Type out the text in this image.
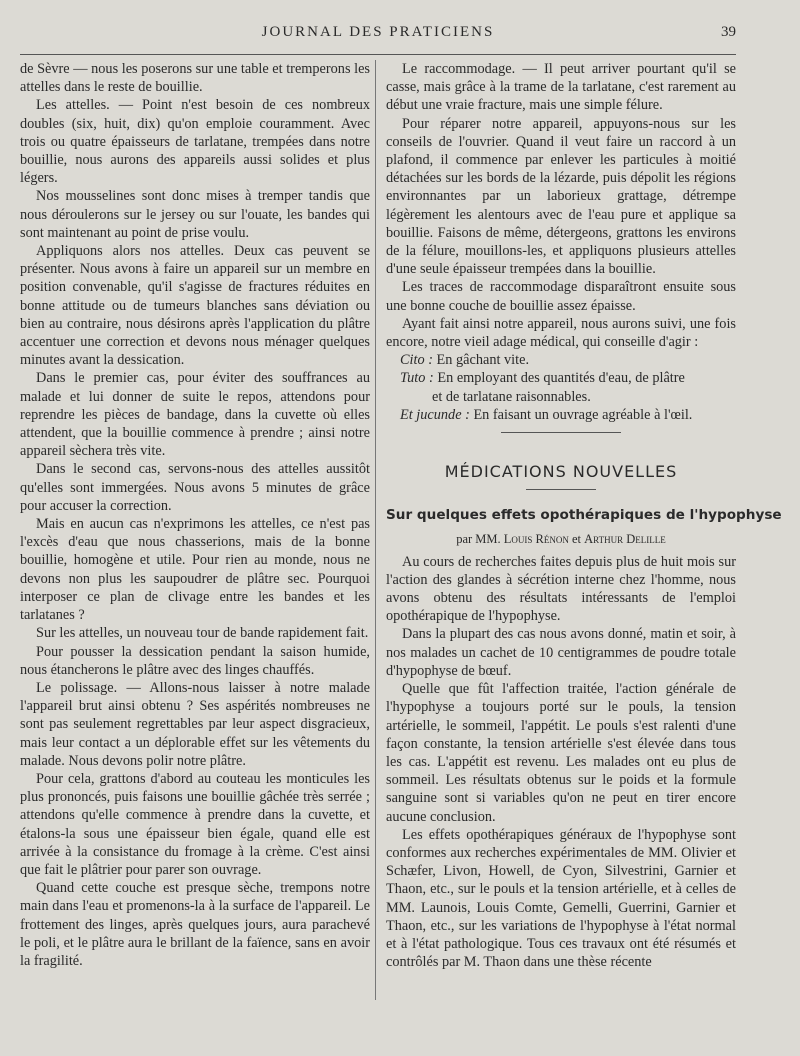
JOURNAL DES PRATICIENS	39

de Sèvre — nous les poserons sur une table et tremperons les attelles dans le reste de bouillie.

Les attelles. — Point n'est besoin de ces nombreux doubles (six, huit, dix) qu'on emploie couramment. Avec trois ou quatre épaisseurs de tarlatane, trempées dans notre bouillie, nous aurons des appareils aussi solides et plus légers.

Nos mousselines sont donc mises à tremper tandis que nous déroulerons sur le jersey ou sur l'ouate, les bandes qui sont maintenant au point de prise voulu.

Appliquons alors nos attelles. Deux cas peuvent se présenter. Nous avons à faire un appareil sur un membre en position convenable, qu'il s'agisse de fractures réduites en bonne attitude ou de tumeurs blanches sans déviation ou bien au contraire, nous désirons après l'application du plâtre accentuer une correction et devons nous ménager quelques minutes avant la dessication.

Dans le premier cas, pour éviter des souffrances au malade et lui donner de suite le repos, attendons pour reprendre les pièces de bandage, dans la cuvette où elles attendent, que la bouillie commence à prendre ; ainsi notre appareil sèchera très vite.

Dans le second cas, servons-nous des attelles aussitôt qu'elles sont immergées. Nous avons 5 minutes de grâce pour accuser la correction.

Mais en aucun cas n'exprimons les attelles, ce n'est pas l'excès d'eau que nous chasserions, mais de la bonne bouillie, homogène et utile. Pour rien au monde, nous ne devons non plus les saupoudrer de plâtre sec. Pourquoi interposer ce plan de clivage entre les bandes et les tarlatanes ?

Sur les attelles, un nouveau tour de bande rapidement fait.

Pour pousser la dessication pendant la saison humide, nous étancherons le plâtre avec des linges chauffés.

Le polissage. — Allons-nous laisser à notre malade l'appareil brut ainsi obtenu ? Ses aspérités nombreuses ne sont pas seulement regrettables par leur aspect disgracieux, mais leur contact a un déplorable effet sur les vêtements du malade. Nous devons polir notre plâtre.

Pour cela, grattons d'abord au couteau les monticules les plus prononcés, puis faisons une bouillie gâchée très serrée ; attendons qu'elle commence à prendre dans la cuvette, et étalons-la sous une épaisseur bien égale, quand elle est arrivée à la consistance du fromage à la crème. C'est ainsi que fait le plâtrier pour parer son ouvrage.

Quand cette couche est presque sèche, trempons notre main dans l'eau et promenons-la à la surface de l'appareil. Le frottement des linges, après quelques jours, aura parachevé le poli, et le plâtre aura le brillant de la faïence, sans en avoir la fragilité.

Le raccommodage. — Il peut arriver pourtant qu'il se casse, mais grâce à la trame de la tarlatane, c'est rarement au début une vraie fracture, mais une simple félure.

Pour réparer notre appareil, appuyons-nous sur les conseils de l'ouvrier. Quand il veut faire un raccord à un plafond, il commence par enlever les particules à moitié détachées sur les bords de la lézarde, puis dépolit les régions environnantes par un laborieux grattage, détrempe légèrement les alentours avec de l'eau pure et applique sa bouillie. Faisons de même, détergeons, grattons les environs de la félure, mouillons-les, et appliquons plusieurs attelles d'une seule épaisseur trempées dans la bouillie.

Les traces de raccommodage disparaîtront ensuite sous une bonne couche de bouillie assez épaisse.

Ayant fait ainsi notre appareil, nous aurons suivi, une fois encore, notre vieil adage médical, qui conseille d'agir :

Cito : En gâchant vite.
Tuto : En employant des quantités d'eau, de plâtre
et de tarlatane raisonnables.
Et jucunde : En faisant un ouvrage agréable à l'œil.
MÉDICATIONS NOUVELLES
Sur quelques effets opothérapiques de l'hypophyse
par MM. Louis Rénon et Arthur Delille

Au cours de recherches faites depuis plus de huit mois sur l'action des glandes à sécrétion interne chez l'homme, nous avons obtenu des résultats intéressants de l'emploi opothérapique de l'hypophyse.

Dans la plupart des cas nous avons donné, matin et soir, à nos malades un cachet de 10 centigrammes de poudre totale d'hypophyse de bœuf.

Quelle que fût l'affection traitée, l'action générale de l'hypophyse a toujours porté sur le pouls, la tension artérielle, le sommeil, l'appétit. Le pouls s'est ralenti d'une façon constante, la tension artérielle s'est élevée dans tous les cas. L'appétit est revenu. Les malades ont eu plus de sommeil. Les résultats obtenus sur le poids et la formule sanguine sont si variables qu'on ne peut en tirer encore aucune conclusion.

Les effets opothérapiques généraux de l'hypophyse sont conformes aux recherches expérimentales de MM. Olivier et Schæfer, Livon, Howell, de Cyon, Silvestrini, Garnier et Thaon, etc., sur le pouls et la tension artérielle, et à celles de MM. Launois, Louis Comte, Gemelli, Guerrini, Garnier et Thaon, etc., sur les variations de l'hypophyse à l'état normal et à l'état pathologique. Tous ces travaux ont été résumés et contrôlés par M. Thaon dans une thèse récente
